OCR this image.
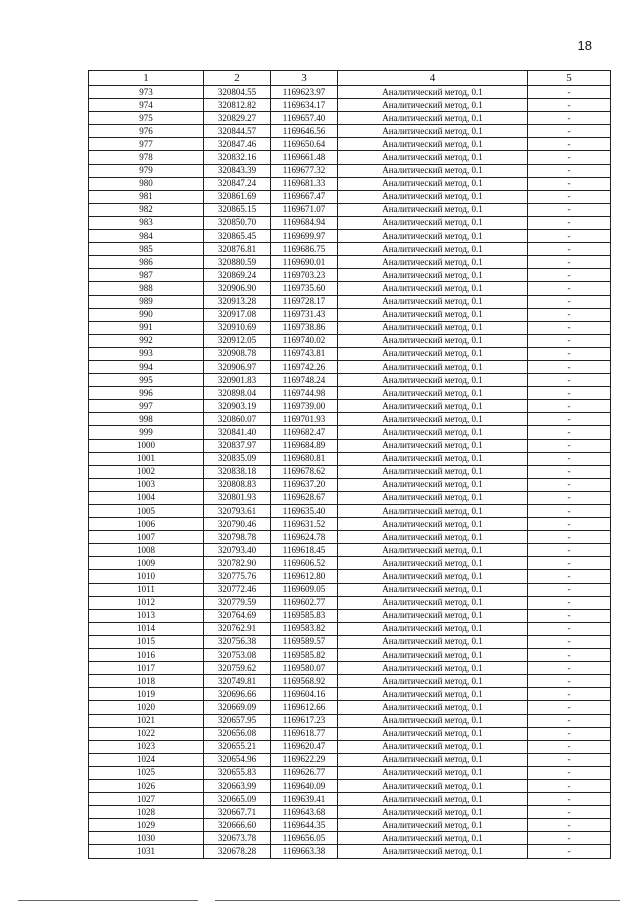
18
1	2	3	4	5
973	320804.55	1169623.97	Аналитический метод, 0.1	-
974	320812.82	1169634.17	Аналитический метод, 0.1	-
975	320829.27	1169657.40	Аналитический метод, 0.1	-
976	320844.57	1169646.56	Аналитический метод, 0.1	-
977	320847.46	1169650.64	Аналитический метод, 0.1	-
978	320832.16	1169661.48	Аналитический метод, 0.1	-
979	320843.39	1169677.32	Аналитический метод, 0.1	-
980	320847.24	1169681.33	Аналитический метод, 0.1	-
981	320861.69	1169667.47	Аналитический метод, 0.1	-
982	320865.15	1169671.07	Аналитический метод, 0.1	-
983	320850.70	1169684.94	Аналитический метод, 0.1	-
984	320865.45	1169699.97	Аналитический метод, 0.1	-
985	320876.81	1169686.75	Аналитический метод, 0.1	-
986	320880.59	1169690.01	Аналитический метод, 0.1	-
987	320869.24	1169703.23	Аналитический метод, 0.1	-
988	320906.90	1169735.60	Аналитический метод, 0.1	-
989	320913.28	1169728.17	Аналитический метод, 0.1	-
990	320917.08	1169731.43	Аналитический метод, 0.1	-
991	320910.69	1169738.86	Аналитический метод, 0.1	-
992	320912.05	1169740.02	Аналитический метод, 0.1	-
993	320908.78	1169743.81	Аналитический метод, 0.1	-
994	320906.97	1169742.26	Аналитический метод, 0.1	-
995	320901.83	1169748.24	Аналитический метод, 0.1	-
996	320898.04	1169744.98	Аналитический метод, 0.1	-
997	320903.19	1169739.00	Аналитический метод, 0.1	-
998	320860.07	1169701.93	Аналитический метод, 0.1	-
999	320841.40	1169682.47	Аналитический метод, 0.1	-
1000	320837.97	1169684.89	Аналитический метод, 0.1	-
1001	320835.09	1169680.81	Аналитический метод, 0.1	-
1002	320838.18	1169678.62	Аналитический метод, 0.1	-
1003	320808.83	1169637.20	Аналитический метод, 0.1	-
1004	320801.93	1169628.67	Аналитический метод, 0.1	-
1005	320793.61	1169635.40	Аналитический метод, 0.1	-
1006	320790.46	1169631.52	Аналитический метод, 0.1	-
1007	320798.78	1169624.78	Аналитический метод, 0.1	-
1008	320793.40	1169618.45	Аналитический метод, 0.1	-
1009	320782.90	1169606.52	Аналитический метод, 0.1	-
1010	320775.76	1169612.80	Аналитический метод, 0.1	-
1011	320772.46	1169609.05	Аналитический метод, 0.1	-
1012	320779.59	1169602.77	Аналитический метод, 0.1	-
1013	320764.69	1169585.83	Аналитический метод, 0.1	-
1014	320762.91	1169583.82	Аналитический метод, 0.1	-
1015	320756.38	1169589.57	Аналитический метод, 0.1	-
1016	320753.08	1169585.82	Аналитический метод, 0.1	-
1017	320759.62	1169580.07	Аналитический метод, 0.1	-
1018	320749.81	1169568.92	Аналитический метод, 0.1	-
1019	320696.66	1169604.16	Аналитический метод, 0.1	-
1020	320669.09	1169612.66	Аналитический метод, 0.1	-
1021	320657.95	1169617.23	Аналитический метод, 0.1	-
1022	320656.08	1169618.77	Аналитический метод, 0.1	-
1023	320655.21	1169620.47	Аналитический метод, 0.1	-
1024	320654.96	1169622.29	Аналитический метод, 0.1	-
1025	320655.83	1169626.77	Аналитический метод, 0.1	-
1026	320663.99	1169640.09	Аналитический метод, 0.1	-
1027	320665.09	1169639.41	Аналитический метод, 0.1	-
1028	320667.71	1169643.68	Аналитический метод, 0.1	-
1029	320666.60	1169644.35	Аналитический метод, 0.1	-
1030	320673.78	1169656.05	Аналитический метод, 0.1	-
1031	320678.28	1169663.38	Аналитический метод, 0.1	-
